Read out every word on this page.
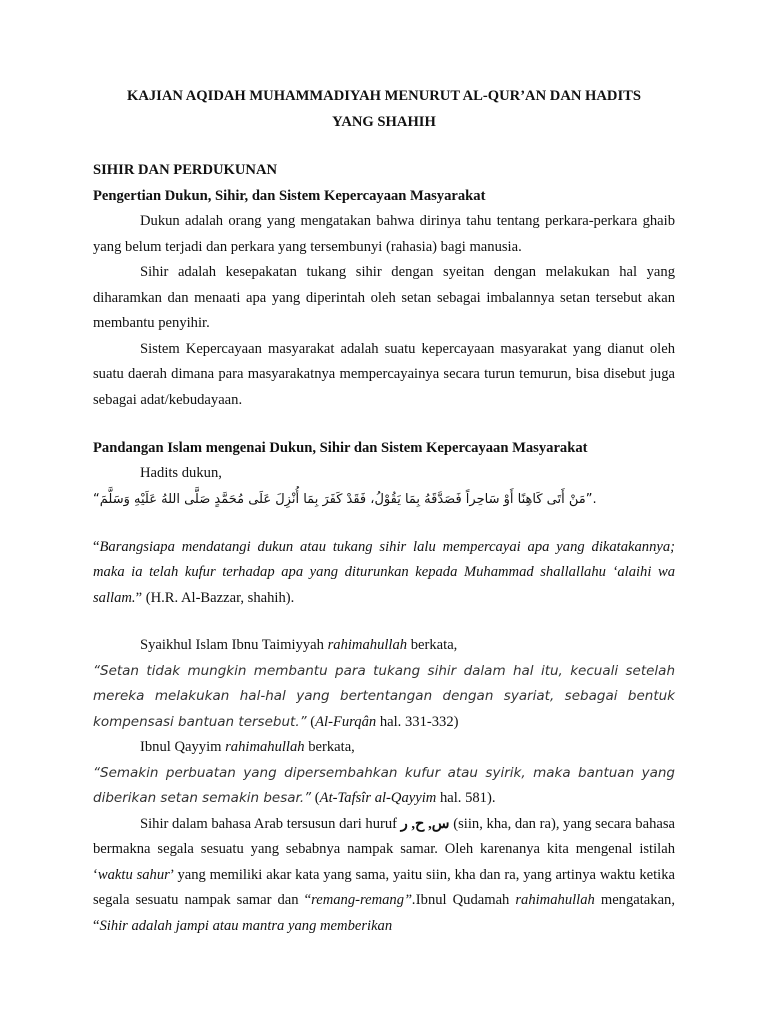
KAJIAN AQIDAH MUHAMMADIYAH MENURUT AL-QUR’AN DAN HADITS
YANG SHAHIH

SIHIR DAN PERDUKUNAN

Pengertian Dukun, Sihir, dan Sistem Kepercayaan Masyarakat

Dukun adalah orang yang mengatakan bahwa dirinya tahu tentang perkara-perkara ghaib yang belum terjadi dan perkara yang tersembunyi (rahasia) bagi manusia.

Sihir adalah kesepakatan tukang sihir dengan syeitan dengan melakukan hal yang diharamkan dan menaati apa yang diperintah oleh setan sebagai imbalannya setan tersebut akan membantu penyihir.

Sistem Kepercayaan masyarakat adalah suatu kepercayaan masyarakat yang dianut oleh suatu daerah dimana para masyarakatnya mempercayainya secara turun temurun, bisa disebut juga sebagai adat/kebudayaan.

Pandangan Islam mengenai Dukun, Sihir dan Sistem Kepercayaan Masyarakat

Hadits dukun,

“مَنْ أَتَى كَاهِنًا أَوْ سَاحِراً فَصَدَّقَهُ بِمَا يَقُوْلُ، فَقَدْ كَفَرَ بِمَا أُنْزِلَ عَلَى مُحَمَّدٍ صَلَّى اللهُ عَلَيْهِ وَسَلَّمَ”.

“Barangsiapa mendatangi dukun atau tukang sihir lalu mempercayai apa yang dikatakannya; maka ia telah kufur terhadap apa yang diturunkan kepada Muhammad shallallahu ‘alaihi wa sallam.” (H.R. Al-Bazzar, shahih).

Syaikhul Islam Ibnu Taimiyyah rahimahullah berkata,

“Setan tidak mungkin membantu para tukang sihir dalam hal itu, kecuali setelah mereka melakukan hal-hal yang bertentangan dengan syariat, sebagai bentuk kompensasi bantuan tersebut.” (Al-Furqân hal. 331-332)

Ibnul Qayyim rahimahullah berkata,

“Semakin perbuatan yang dipersembahkan kufur atau syirik, maka bantuan yang diberikan setan semakin besar.” (At-Tafsîr al-Qayyim hal. 581).

Sihir dalam bahasa Arab tersusun dari huruf س, ح, ر (siin, kha, dan ra), yang secara bahasa bermakna segala sesuatu yang sebabnya nampak samar. Oleh karenanya kita mengenal istilah ‘waktu sahur’ yang memiliki akar kata yang sama, yaitu siin, kha dan ra, yang artinya waktu ketika segala sesuatu nampak samar dan “remang-remang”.Ibnul Qudamah rahimahullah mengatakan, “Sihir adalah jampi atau mantra yang memberikan
